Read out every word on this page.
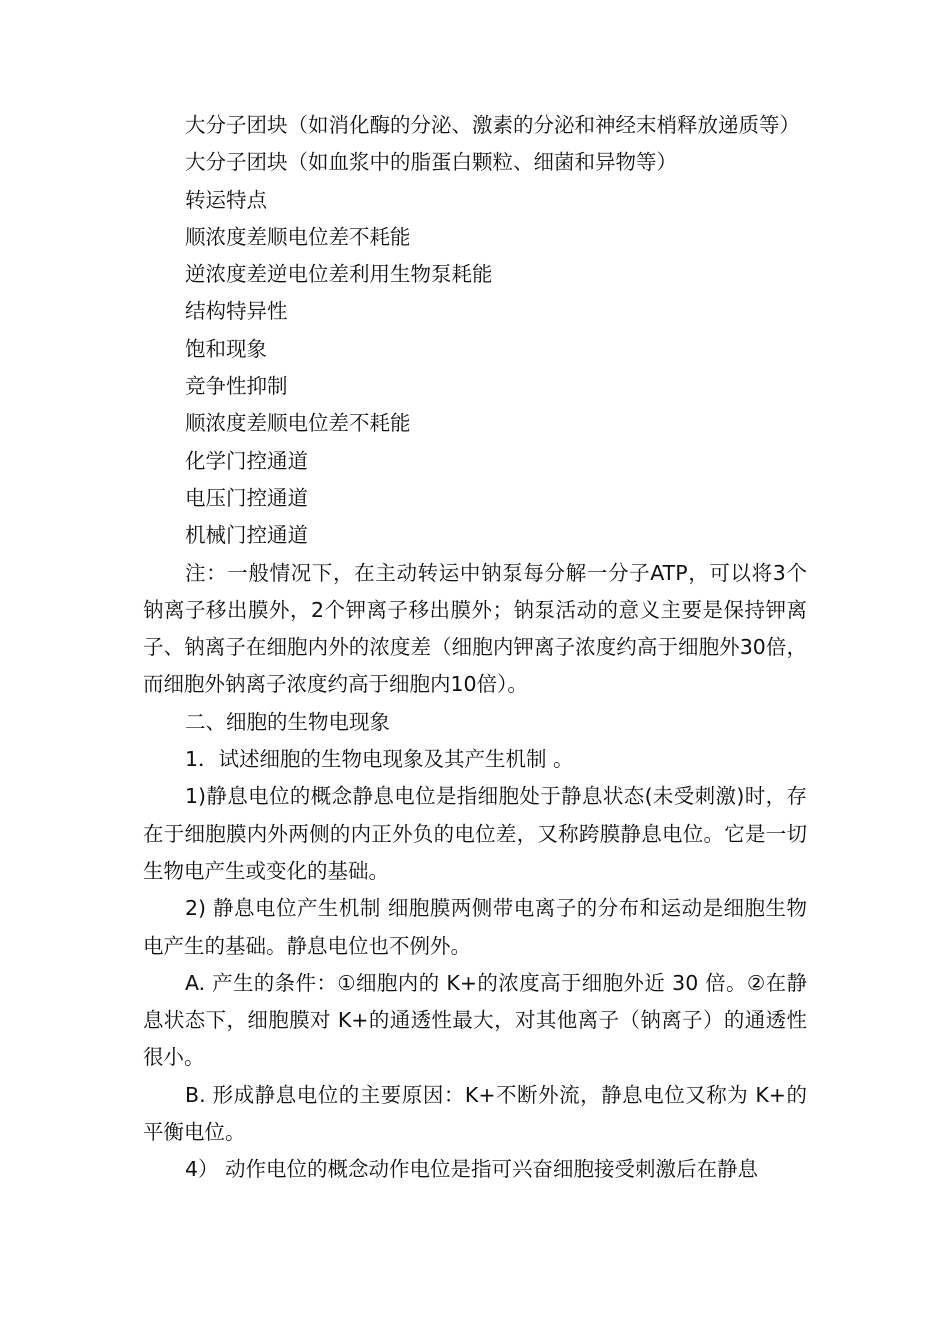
大分子团块（如消化酶的分泌、激素的分泌和神经末梢释放递质等）

大分子团块（如血浆中的脂蛋白颗粒、细菌和异物等）

转运特点

顺浓度差顺电位差不耗能

逆浓度差逆电位差利用生物泵耗能

结构特异性

饱和现象

竞争性抑制

顺浓度差顺电位差不耗能

化学门控通道

电压门控通道

机械门控通道

注：一般情况下，在主动转运中钠泵每分解一分子ATP，可以将3个钠离子移出膜外，2个钾离子移出膜外；钠泵活动的意义主要是保持钾离子、钠离子在细胞内外的浓度差（细胞内钾离子浓度约高于细胞外30倍，而细胞外钠离子浓度约高于细胞内10倍）。

二、细胞的生物电现象

1．试述细胞的生物电现象及其产生机制 。

1)静息电位的概念静息电位是指细胞处于静息状态(未受刺激)时，存在于细胞膜内外两侧的内正外负的电位差，又称跨膜静息电位。它是一切生物电产生或变化的基础。

2) 静息电位产生机制 细胞膜两侧带电离子的分布和运动是细胞生物电产生的基础。静息电位也不例外。

A. 产生的条件：①细胞内的 K+的浓度高于细胞外近 30 倍。②在静息状态下，细胞膜对 K+的通透性最大，对其他离子（钠离子）的通透性很小。

B. 形成静息电位的主要原因：K+不断外流，静息电位又称为 K+的平衡电位。

4） 动作电位的概念动作电位是指可兴奋细胞接受刺激后在静息
